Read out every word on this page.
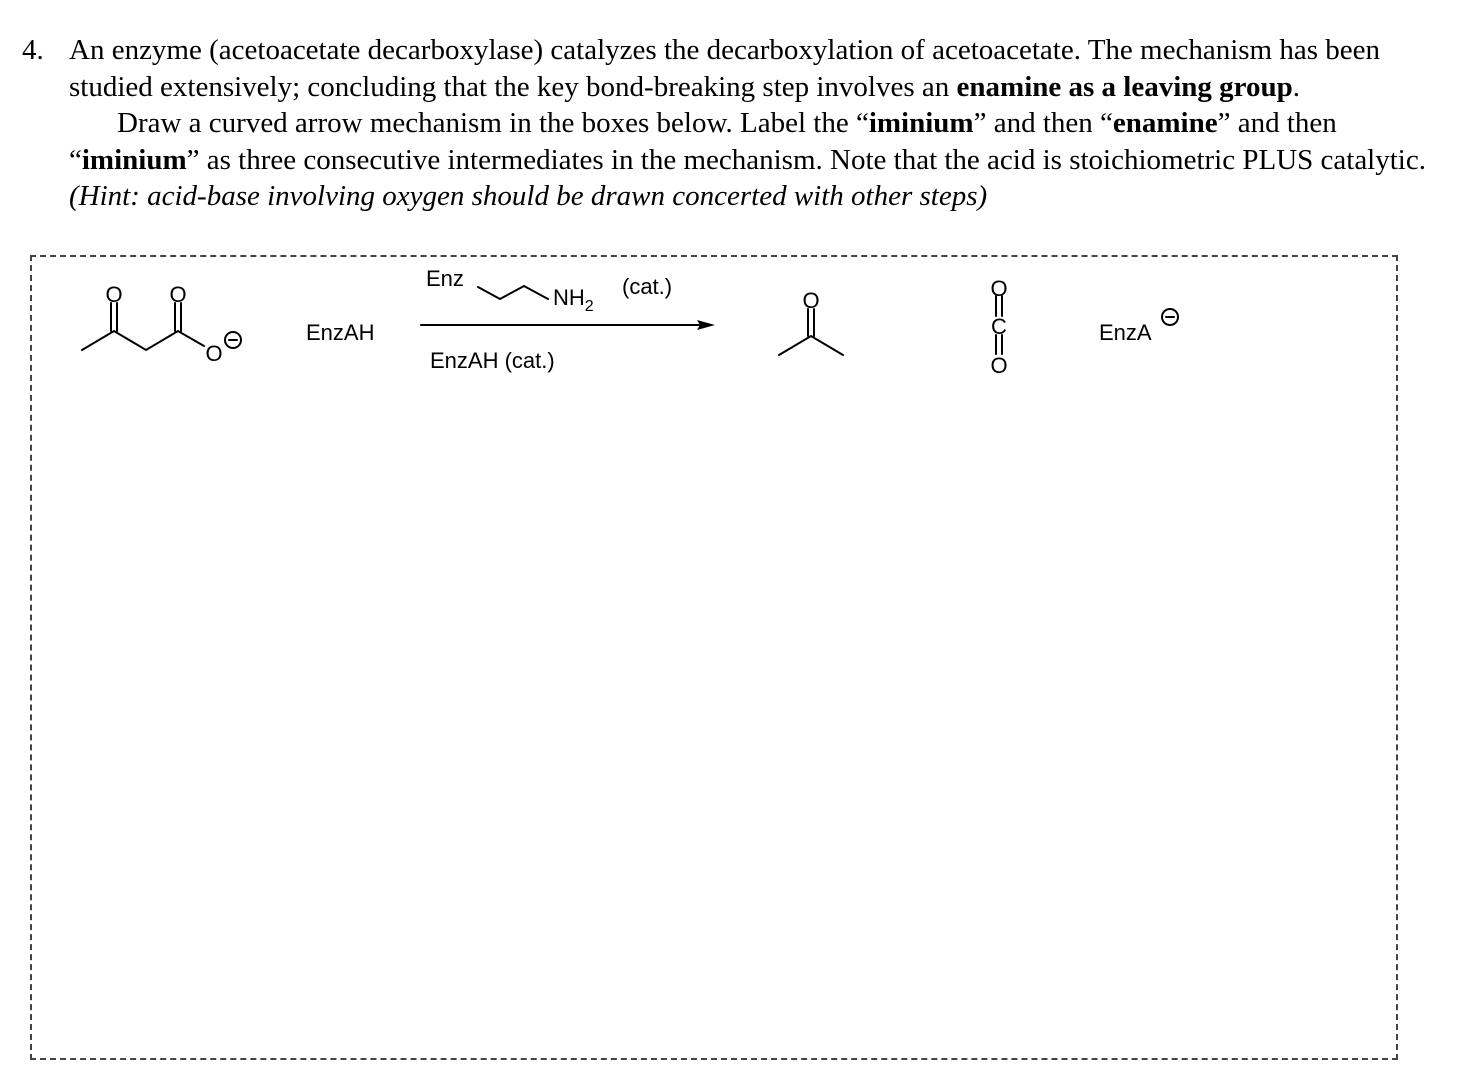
4. An enzyme (acetoacetate decarboxylase) catalyzes the decarboxylation of acetoacetate. The mechanism has been studied extensively; concluding that the key bond-breaking step involves an enamine as a leaving group.
Draw a curved arrow mechanism in the boxes below. Label the “iminium” and then “enamine” and then “iminium” as three consecutive intermediates in the mechanism. Note that the acid is stoichiometric PLUS catalytic. (Hint: acid-base involving oxygen should be drawn concerted with other steps)
O O
O
EnzAH
Enz
$NH_2$
(cat.)
EnzAH (cat.)
O	O
C
O
EnzA
